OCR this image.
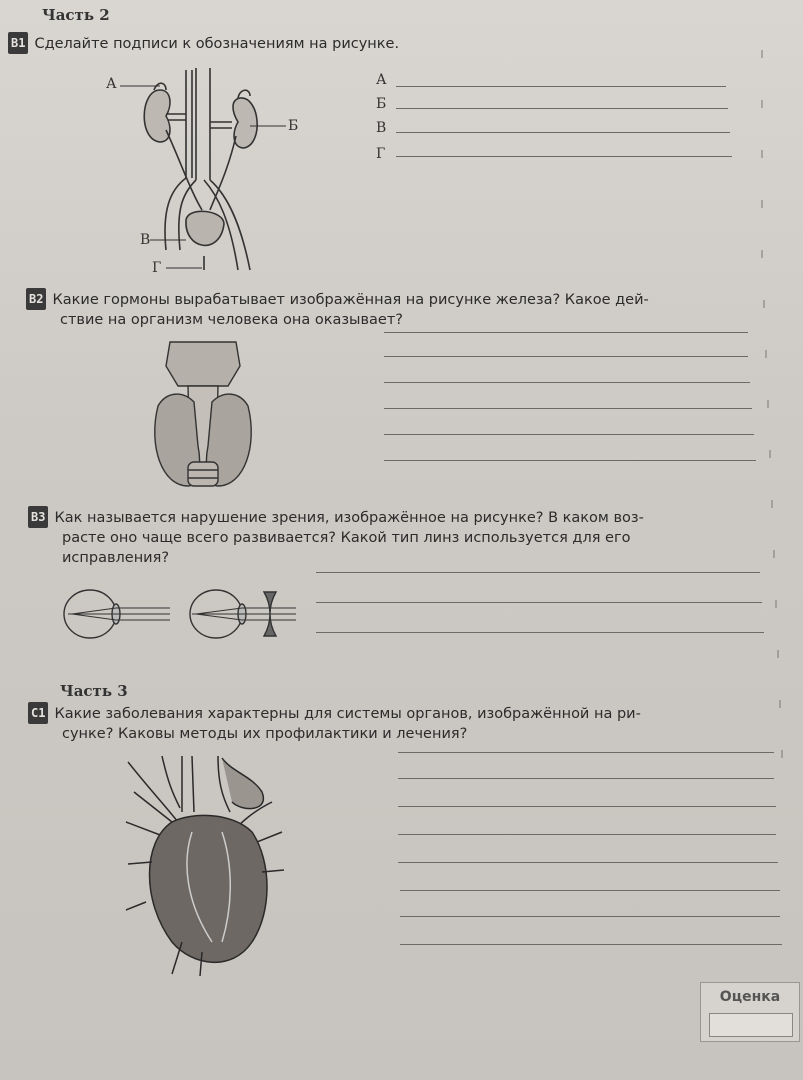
Часть 2
В1 Сделайте подписи к обозначениям на рисунке.
А
Б
В
Г
А
Б
В
Г
В2 Какие гормоны вырабатывает изображённая на рисунке железа? Какое дей-
ствие на организм человека она оказывает?
В3 Как называется нарушение зрения, изображённое на рисунке? В каком воз-
расте оно чаще всего развивается? Какой тип линз используется для его
исправления?
Часть 3
С1 Какие заболевания характерны для системы органов, изображённой на ри-
сунке? Каковы методы их профилактики и лечения?
Оценка
